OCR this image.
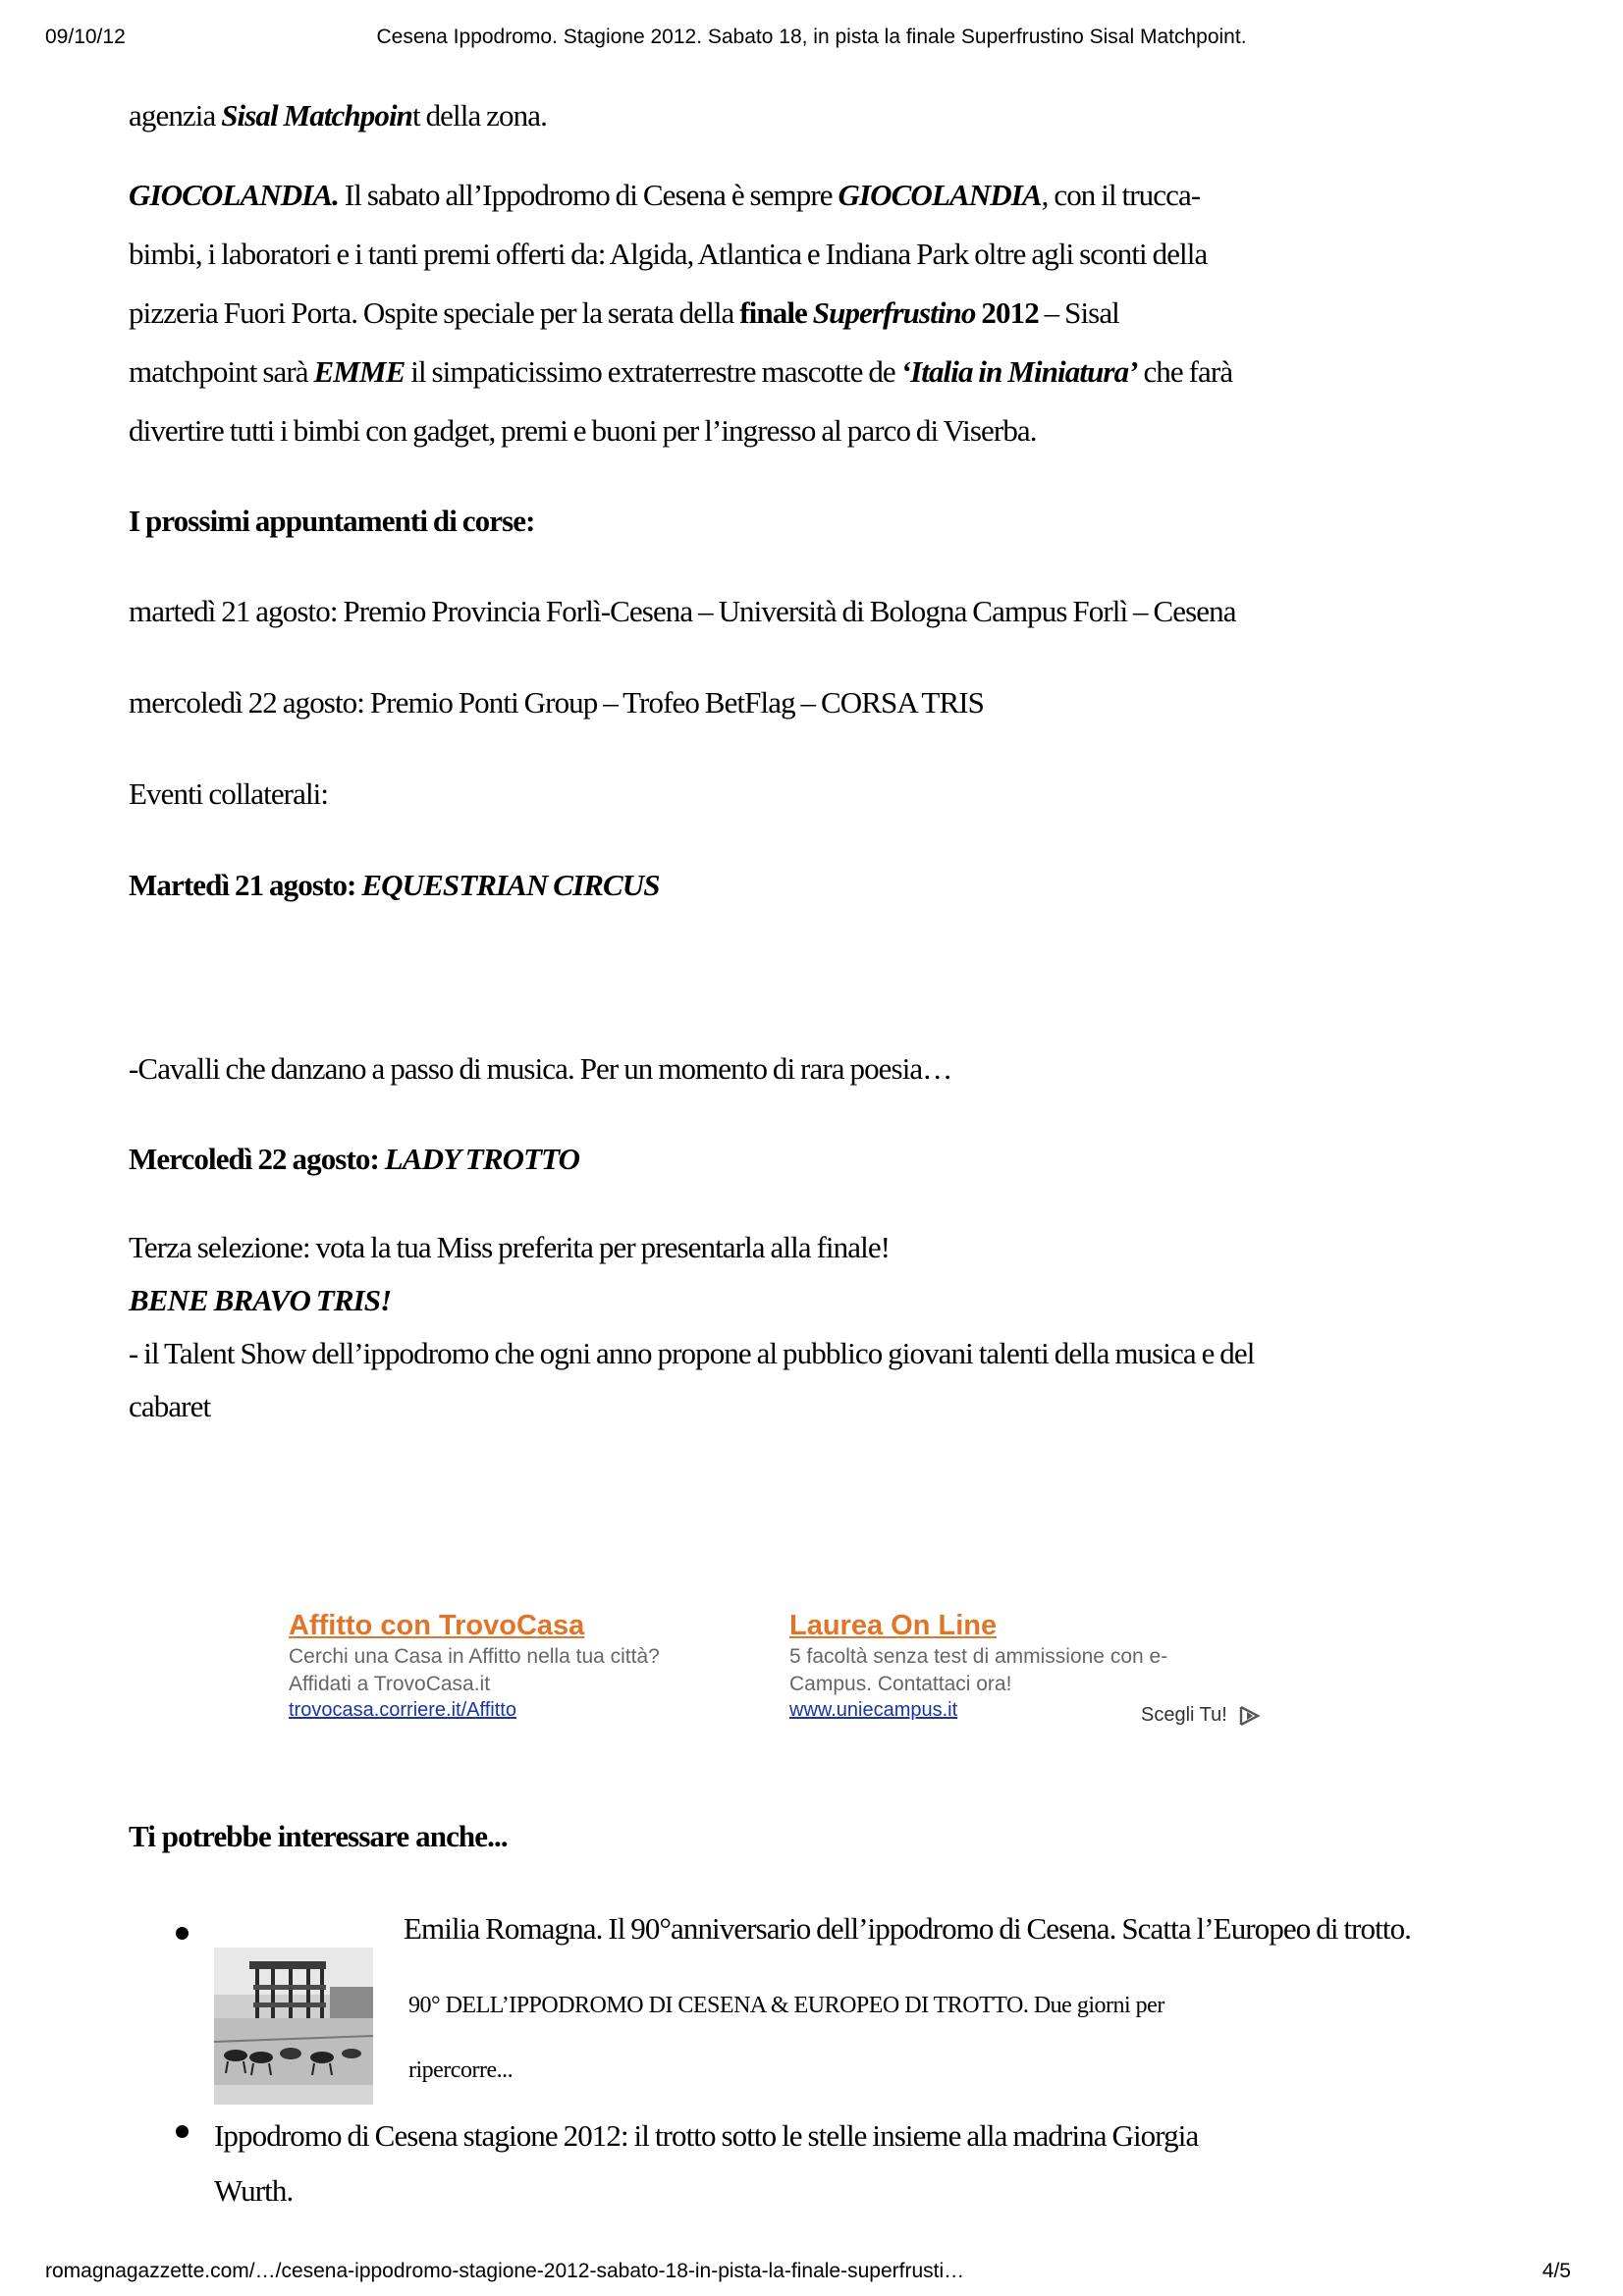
09/10/12	Cesena Ippodromo. Stagione 2012. Sabato 18, in pista la finale Superfrustino Sisal Matchpoint.

agenzia Sisal Matchpoint della zona.

GIOCOLANDIA. Il sabato all’Ippodromo di Cesena è sempre GIOCOLANDIA, con il trucca-
bimbi, i laboratori e i tanti premi offerti da: Algida, Atlantica e Indiana Park oltre agli sconti della
pizzeria Fuori Porta. Ospite speciale per la serata della finale Superfrustino 2012 – Sisal
matchpoint sarà EMME il simpaticissimo extraterrestre mascotte de ‘Italia in Miniatura’ che farà
divertire tutti i bimbi con gadget, premi e buoni per l’ingresso al parco di Viserba.

I prossimi appuntamenti di corse:

martedì 21 agosto: Premio Provincia Forlì-Cesena – Università di Bologna Campus Forlì – Cesena

mercoledì 22 agosto: Premio Ponti Group – Trofeo BetFlag – CORSA TRIS

Eventi collaterali:

Martedì 21 agosto: EQUESTRIAN CIRCUS

-Cavalli che danzano a passo di musica. Per un momento di rara poesia…

Mercoledì 22 agosto: LADY TROTTO

Terza selezione: vota la tua Miss preferita per presentarla alla finale!
BENE BRAVO TRIS!
- il Talent Show dell’ippodromo che ogni anno propone al pubblico giovani talenti della musica e del
cabaret
Affitto con TrovoCasa
Cerchi una Casa in Affitto nella tua città?
Affidati a TrovoCasa.it
trovocasa.corriere.it/Affitto
Laurea On Line
5 facoltà senza test di ammissione con e-
Campus. Contattaci ora!
www.uniecampus.it	Scegli Tu!
Ti potrebbe interessare anche...
Emilia Romagna. Il 90°anniversario dell’ippodromo di Cesena. Scatta l’Europeo di trotto.
90° DELL’IPPODROMO DI CESENA & EUROPEO DI TROTTO. Due giorni per
ripercorre...
Ippodromo di Cesena stagione 2012: il trotto sotto le stelle insieme alla madrina Giorgia
Wurth.
romagnagazzette.com/…/cesena-ippodromo-stagione-2012-sabato-18-in-pista-la-finale-superfrusti…	4/5
